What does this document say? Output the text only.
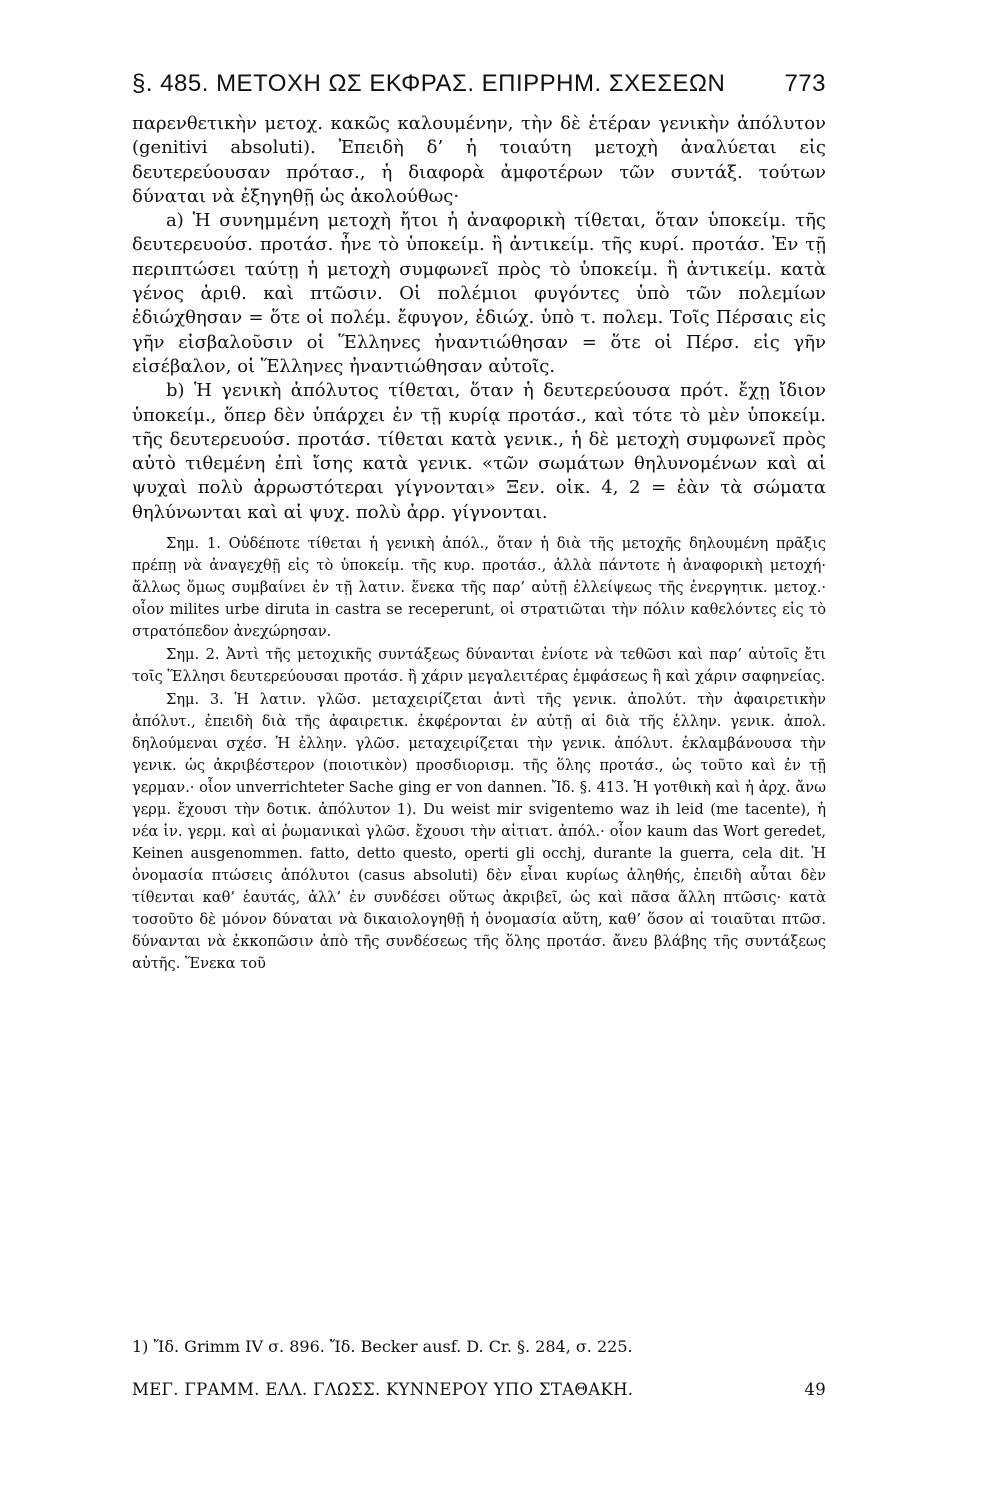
§. 485. ΜΕΤΟΧΗ ΩΣ ΕΚΦΡΑΣ. ΕΠΙΡΡΗΜ. ΣΧΕΣΕΩΝ 773

παρενθετικὴν μετοχ. κακῶς καλουμένην, τὴν δὲ ἑτέραν γενικὴν ἀπόλυτον (genitivi absoluti). Ἐπειδὴ δ’ ἡ τοιαύτη μετοχὴ ἀναλύεται εἰς δευτερεύουσαν πρότασ., ἡ διαφορὰ ἀμφοτέρων τῶν συντάξ. τούτων δύναται νὰ ἐξηγηθῇ ὡς ἀκολούθως·

a) Ἡ συνημμένη μετοχὴ ἤτοι ἡ ἀναφορικὴ τίθεται, ὅταν ὑποκείμ. τῆς δευτερευούσ. προτάσ. ἦνε τὸ ὑποκείμ. ἢ ἀντικείμ. τῆς κυρί. προτάσ. Ἐν τῇ περιπτώσει ταύτῃ ἡ μετοχὴ συμφωνεῖ πρὸς τὸ ὑποκείμ. ἢ ἀντικείμ. κατὰ γένος ἀριθ. καὶ πτῶσιν. Οἱ πολέμιοι φυγόντες ὑπὸ τῶν πολεμίων ἐδιώχθησαν = ὅτε οἱ πολέμ. ἔφυγον, ἐδιώχ. ὑπὸ τ. πολεμ. Τοῖς Πέρσαις εἰς γῆν εἰσβαλοῦσιν οἱ Ἕλληνες ἠναντιώθησαν = ὅτε οἱ Πέρσ. εἰς γῆν εἰσέβαλον, οἱ Ἕλληνες ἠναντιώθησαν αὐτοῖς.

b) Ἡ γενικὴ ἀπόλυτος τίθεται, ὅταν ἡ δευτερεύουσα πρότ. ἔχῃ ἴδιον ὑποκείμ., ὅπερ δὲν ὑπάρχει ἐν τῇ κυρίᾳ προτάσ., καὶ τότε τὸ μὲν ὑποκείμ. τῆς δευτερευούσ. προτάσ. τίθεται κατὰ γενικ., ἡ δὲ μετοχὴ συμφωνεῖ πρὸς αὐτὸ τιθεμένη ἐπὶ ἴσης κατὰ γενικ. «τῶν σωμάτων θηλυνομένων καὶ αἱ ψυχαὶ πολὺ ἀρρωστότεραι γίγνονται» Ξεν. οἰκ. 4, 2 = ἐὰν τὰ σώματα θηλύνωνται καὶ αἱ ψυχ. πολὺ ἀρρ. γίγνονται.

Σημ. 1. Οὐδέποτε τίθεται ἡ γενικὴ ἀπόλ., ὅταν ἡ διὰ τῆς μετοχῆς δηλουμένη πρᾶξις πρέπῃ νὰ ἀναγεχθῇ εἰς τὸ ὑποκείμ. τῆς κυρ. προτάσ., ἀλλὰ πάντοτε ἡ ἀναφορικὴ μετοχή· ἄλλως ὅμως συμβαίνει ἐν τῇ λατιν. ἕνεκα τῆς παρ’ αὐτῇ ἐλλείψεως τῆς ἐνεργητικ. μετοχ.· οἷον milites urbe diruta in castra se receperunt, οἱ στρατιῶται τὴν πόλιν καθελόντες εἰς τὸ στρατόπεδον ἀνεχώρησαν.

Σημ. 2. Ἀντὶ τῆς μετοχικῆς συντάξεως δύνανται ἐνίοτε νὰ τεθῶσι καὶ παρ’ αὐτοῖς ἔτι τοῖς Ἕλλησι δευτερεύουσαι προτάσ. ἢ χάριν μεγαλειτέρας ἐμφάσεως ἢ καὶ χάριν σαφηνείας.

Σημ. 3. Ἡ λατιν. γλῶσ. μεταχειρίζεται ἀντὶ τῆς γενικ. ἀπολύτ. τὴν ἀφαιρετικὴν ἀπόλυτ., ἐπειδὴ διὰ τῆς ἀφαιρετικ. ἐκφέρονται ἐν αὐτῇ αἱ διὰ τῆς ἑλλην. γενικ. ἀπολ. δηλούμεναι σχέσ. Ἡ ἑλλην. γλῶσ. μεταχειρίζεται τὴν γενικ. ἀπόλυτ. ἐκλαμβάνουσα τὴν γενικ. ὡς ἀκριβέστερον (ποιοτικὸν) προσδιορισμ. τῆς ὅλης προτάσ., ὡς τοῦτο καὶ ἐν τῇ γερμαν.· οἷον unverrichteter Sache ging er von dannen. Ἴδ. §. 413. Ἡ γοτθικὴ καὶ ἡ ἀρχ. ἄνω γερμ. ἔχουσι τὴν δοτικ. ἀπόλυτον 1). Du weist mir svigentemo waz ih leid (me tacente), ἡ νέα ἰν. γερμ. καὶ αἱ ῥωμανικαὶ γλῶσ. ἔχουσι τὴν αἰτιατ. ἀπόλ.· οἷον kaum das Wort geredet, Keinen ausgenommen. fatto, detto questo, operti gli occhj, durante la guerra, cela dit. Ἡ ὀνομασία πτώσεις ἀπόλυτοι (casus absoluti) δὲν εἶναι κυρίως ἀληθής, ἐπειδὴ αὗται δὲν τίθενται καθ’ ἑαυτάς, ἀλλ’ ἐν συνδέσει οὕτως ἀκριβεῖ, ὡς καὶ πᾶσα ἄλλη πτῶσις· κατὰ τοσοῦτο δὲ μόνον δύναται νὰ δικαιολογηθῇ ἡ ὀνομασία αὕτη, καθ’ ὅσον αἱ τοιαῦται πτῶσ. δύνανται νὰ ἐκκοπῶσιν ἀπὸ τῆς συνδέσεως τῆς ὅλης προτάσ. ἄνευ βλάβης τῆς συντάξεως αὐτῆς. Ἕνεκα τοῦ

1) Ἴδ. Grimm IV σ. 896. Ἴδ. Becker ausf. D. Cr. §. 284, σ. 225.
ΜΕΓ. ΓΡΑΜΜ. ΕΛΛ. ΓΛΩΣΣ. ΚΥΝΝΕΡΟΥ ΥΠΟ ΣΤΑΘΑΚΗ.	49
